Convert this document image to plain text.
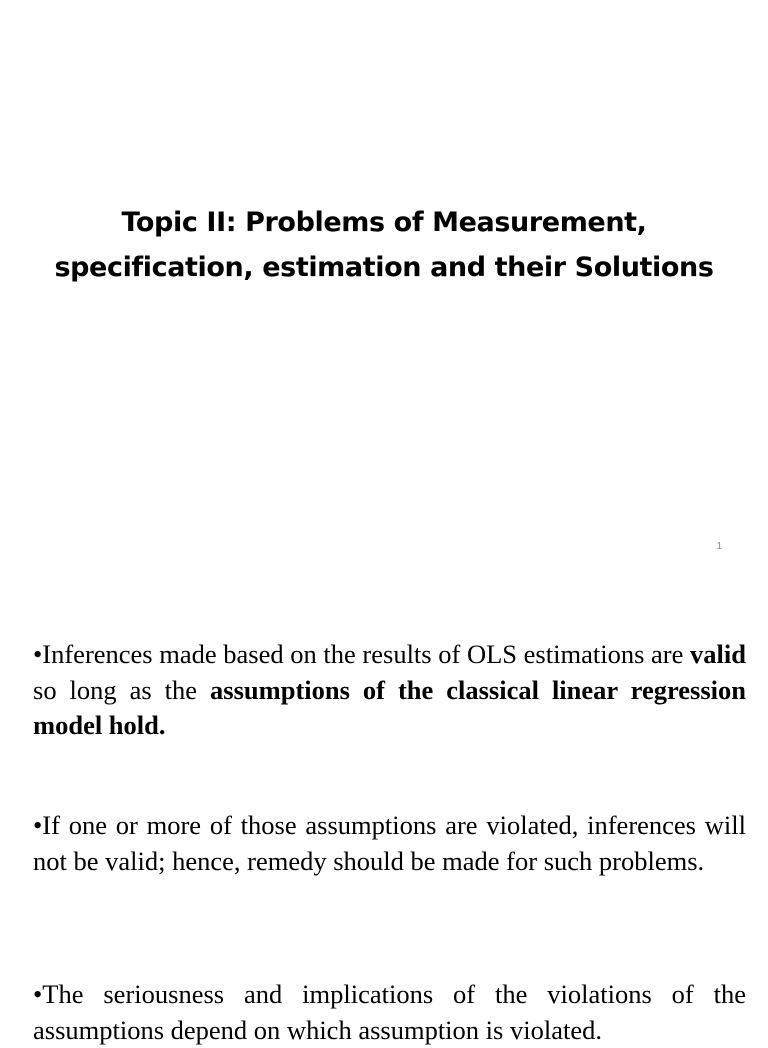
Topic II: Problems of Measurement,
specification, estimation and their Solutions
1

•Inferences made based on the results of OLS estimations are valid so long as the assumptions of the classical linear regression model hold.

•If one or more of those assumptions are violated, inferences will not be valid; hence, remedy should be made for such problems.

•The seriousness and implications of the violations of the assumptions depend on which assumption is violated.
